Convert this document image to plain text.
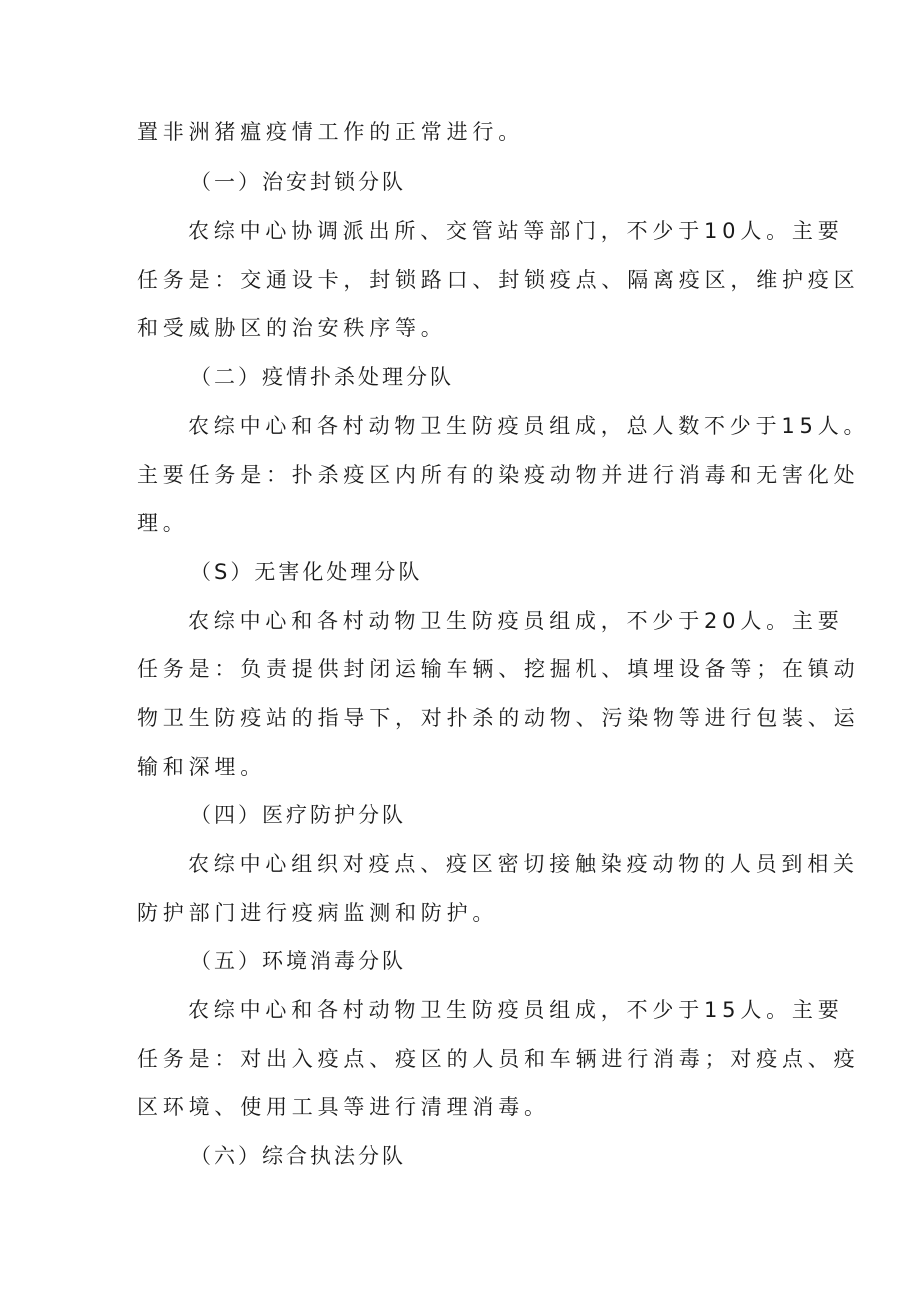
置非洲猪瘟疫情工作的正常进行。
（一）治安封锁分队
农综中心协调派出所、交管站等部门，不少于10人。主要
任务是：交通设卡，封锁路口、封锁疫点、隔离疫区，维护疫区
和受威胁区的治安秩序等。
（二）疫情扑杀处理分队
农综中心和各村动物卫生防疫员组成，总人数不少于15人。
主要任务是：扑杀疫区内所有的染疫动物并进行消毒和无害化处
理。
（S）无害化处理分队
农综中心和各村动物卫生防疫员组成，不少于20人。主要
任务是：负责提供封闭运输车辆、挖掘机、填埋设备等；在镇动
物卫生防疫站的指导下，对扑杀的动物、污染物等进行包装、运
输和深埋。
（四）医疗防护分队
农综中心组织对疫点、疫区密切接触染疫动物的人员到相关
防护部门进行疫病监测和防护。
（五）环境消毒分队
农综中心和各村动物卫生防疫员组成，不少于15人。主要
任务是：对出入疫点、疫区的人员和车辆进行消毒；对疫点、疫
区环境、使用工具等进行清理消毒。
（六）综合执法分队
